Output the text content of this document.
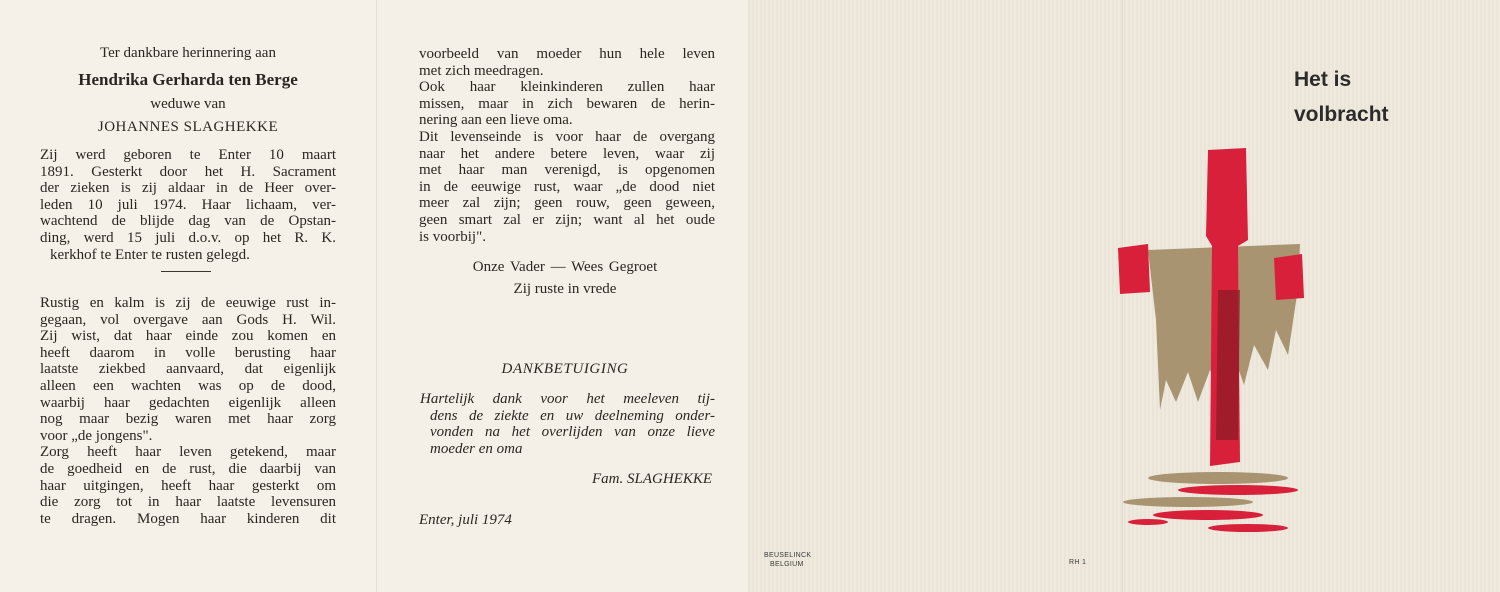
Ter dankbare herinnering aan
Hendrika Gerharda ten Berge
weduwe van
JOHANNES SLAGHEKKE
Zij werd geboren te Enter 10 maart
1891. Gesterkt door het H. Sacrament
der zieken is zij aldaar in de Heer over-
leden 10 juli 1974. Haar lichaam, ver-
wachtend de blijde dag van de Opstan-
ding, werd 15 juli d.o.v. op het R. K.
kerkhof te Enter te rusten gelegd.
Rustig en kalm is zij de eeuwige rust in-
gegaan, vol overgave aan Gods H. Wil.
Zij wist, dat haar einde zou komen en
heeft daarom in volle berusting haar
laatste ziekbed aanvaard, dat eigenlijk
alleen een wachten was op de dood,
waarbij haar gedachten eigenlijk alleen
nog maar bezig waren met haar zorg
voor „de jongens".
Zorg heeft haar leven getekend, maar
de goedheid en de rust, die daarbij van
haar uitgingen, heeft haar gesterkt om
die zorg tot in haar laatste levensuren
te dragen. Mogen haar kinderen dit
voorbeeld van moeder hun hele leven
met zich meedragen.
Ook haar kleinkinderen zullen haar
missen, maar in zich bewaren de herin-
nering aan een lieve oma.
Dit levenseinde is voor haar de overgang
naar het andere betere leven, waar zij
met haar man verenigd, is opgenomen
in de eeuwige rust, waar „de dood niet
meer zal zijn; geen rouw, geen geween,
geen smart zal er zijn; want al het oude
is voorbij".
Onze Vader — Wees Gegroet
Zij ruste in vrede
DANKBETUIGING
Hartelijk dank voor het meeleven tij-
dens de ziekte en uw deelneming onder-
vonden na het overlijden van onze lieve
moeder en oma
Fam. SLAGHEKKE
Enter, juli 1974
Het is
volbracht
BEUSELINCK
BELGIUM	RH 1
